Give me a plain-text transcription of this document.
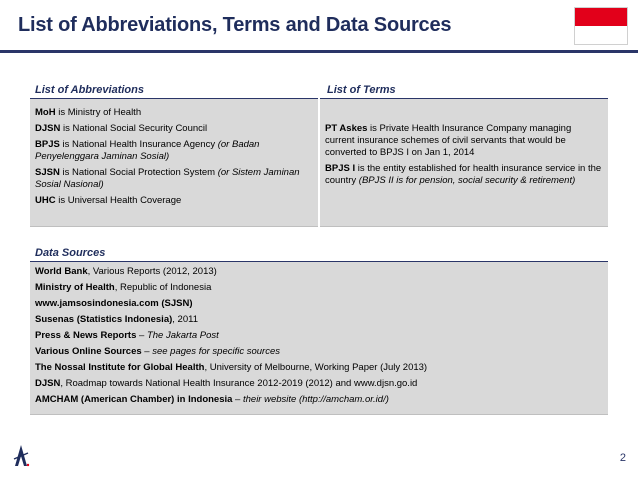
List of Abbreviations, Terms and Data Sources
List of Abbreviations
MoH is Ministry of Health
DJSN is National Social Security Council
BPJS is National Health Insurance Agency (or Badan Penyelenggara Jaminan Sosial)
SJSN is National Social Protection System (or Sistem Jaminan Sosial Nasional)
UHC is Universal Health Coverage
List of Terms
PT Askes is Private Health Insurance Company managing current insurance schemes of civil servants that would be converted to BPJS I on Jan 1, 2014
BPJS I is the entity established for health insurance service in the country (BPJS II is for pension, social security & retirement)
Data Sources
World Bank, Various Reports (2012, 2013)
Ministry of Health, Republic of Indonesia
www.jamsosindonesia.com (SJSN)
Susenas (Statistics Indonesia), 2011
Press & News Reports – The Jakarta Post
Various Online Sources – see pages for specific sources
The Nossal Institute for Global Health, University of Melbourne, Working Paper (July 2013)
DJSN, Roadmap towards National Health Insurance 2012-2019 (2012) and www.djsn.go.id
AMCHAM (American Chamber) in Indonesia – their website (http://amcham.or.id/)
2
